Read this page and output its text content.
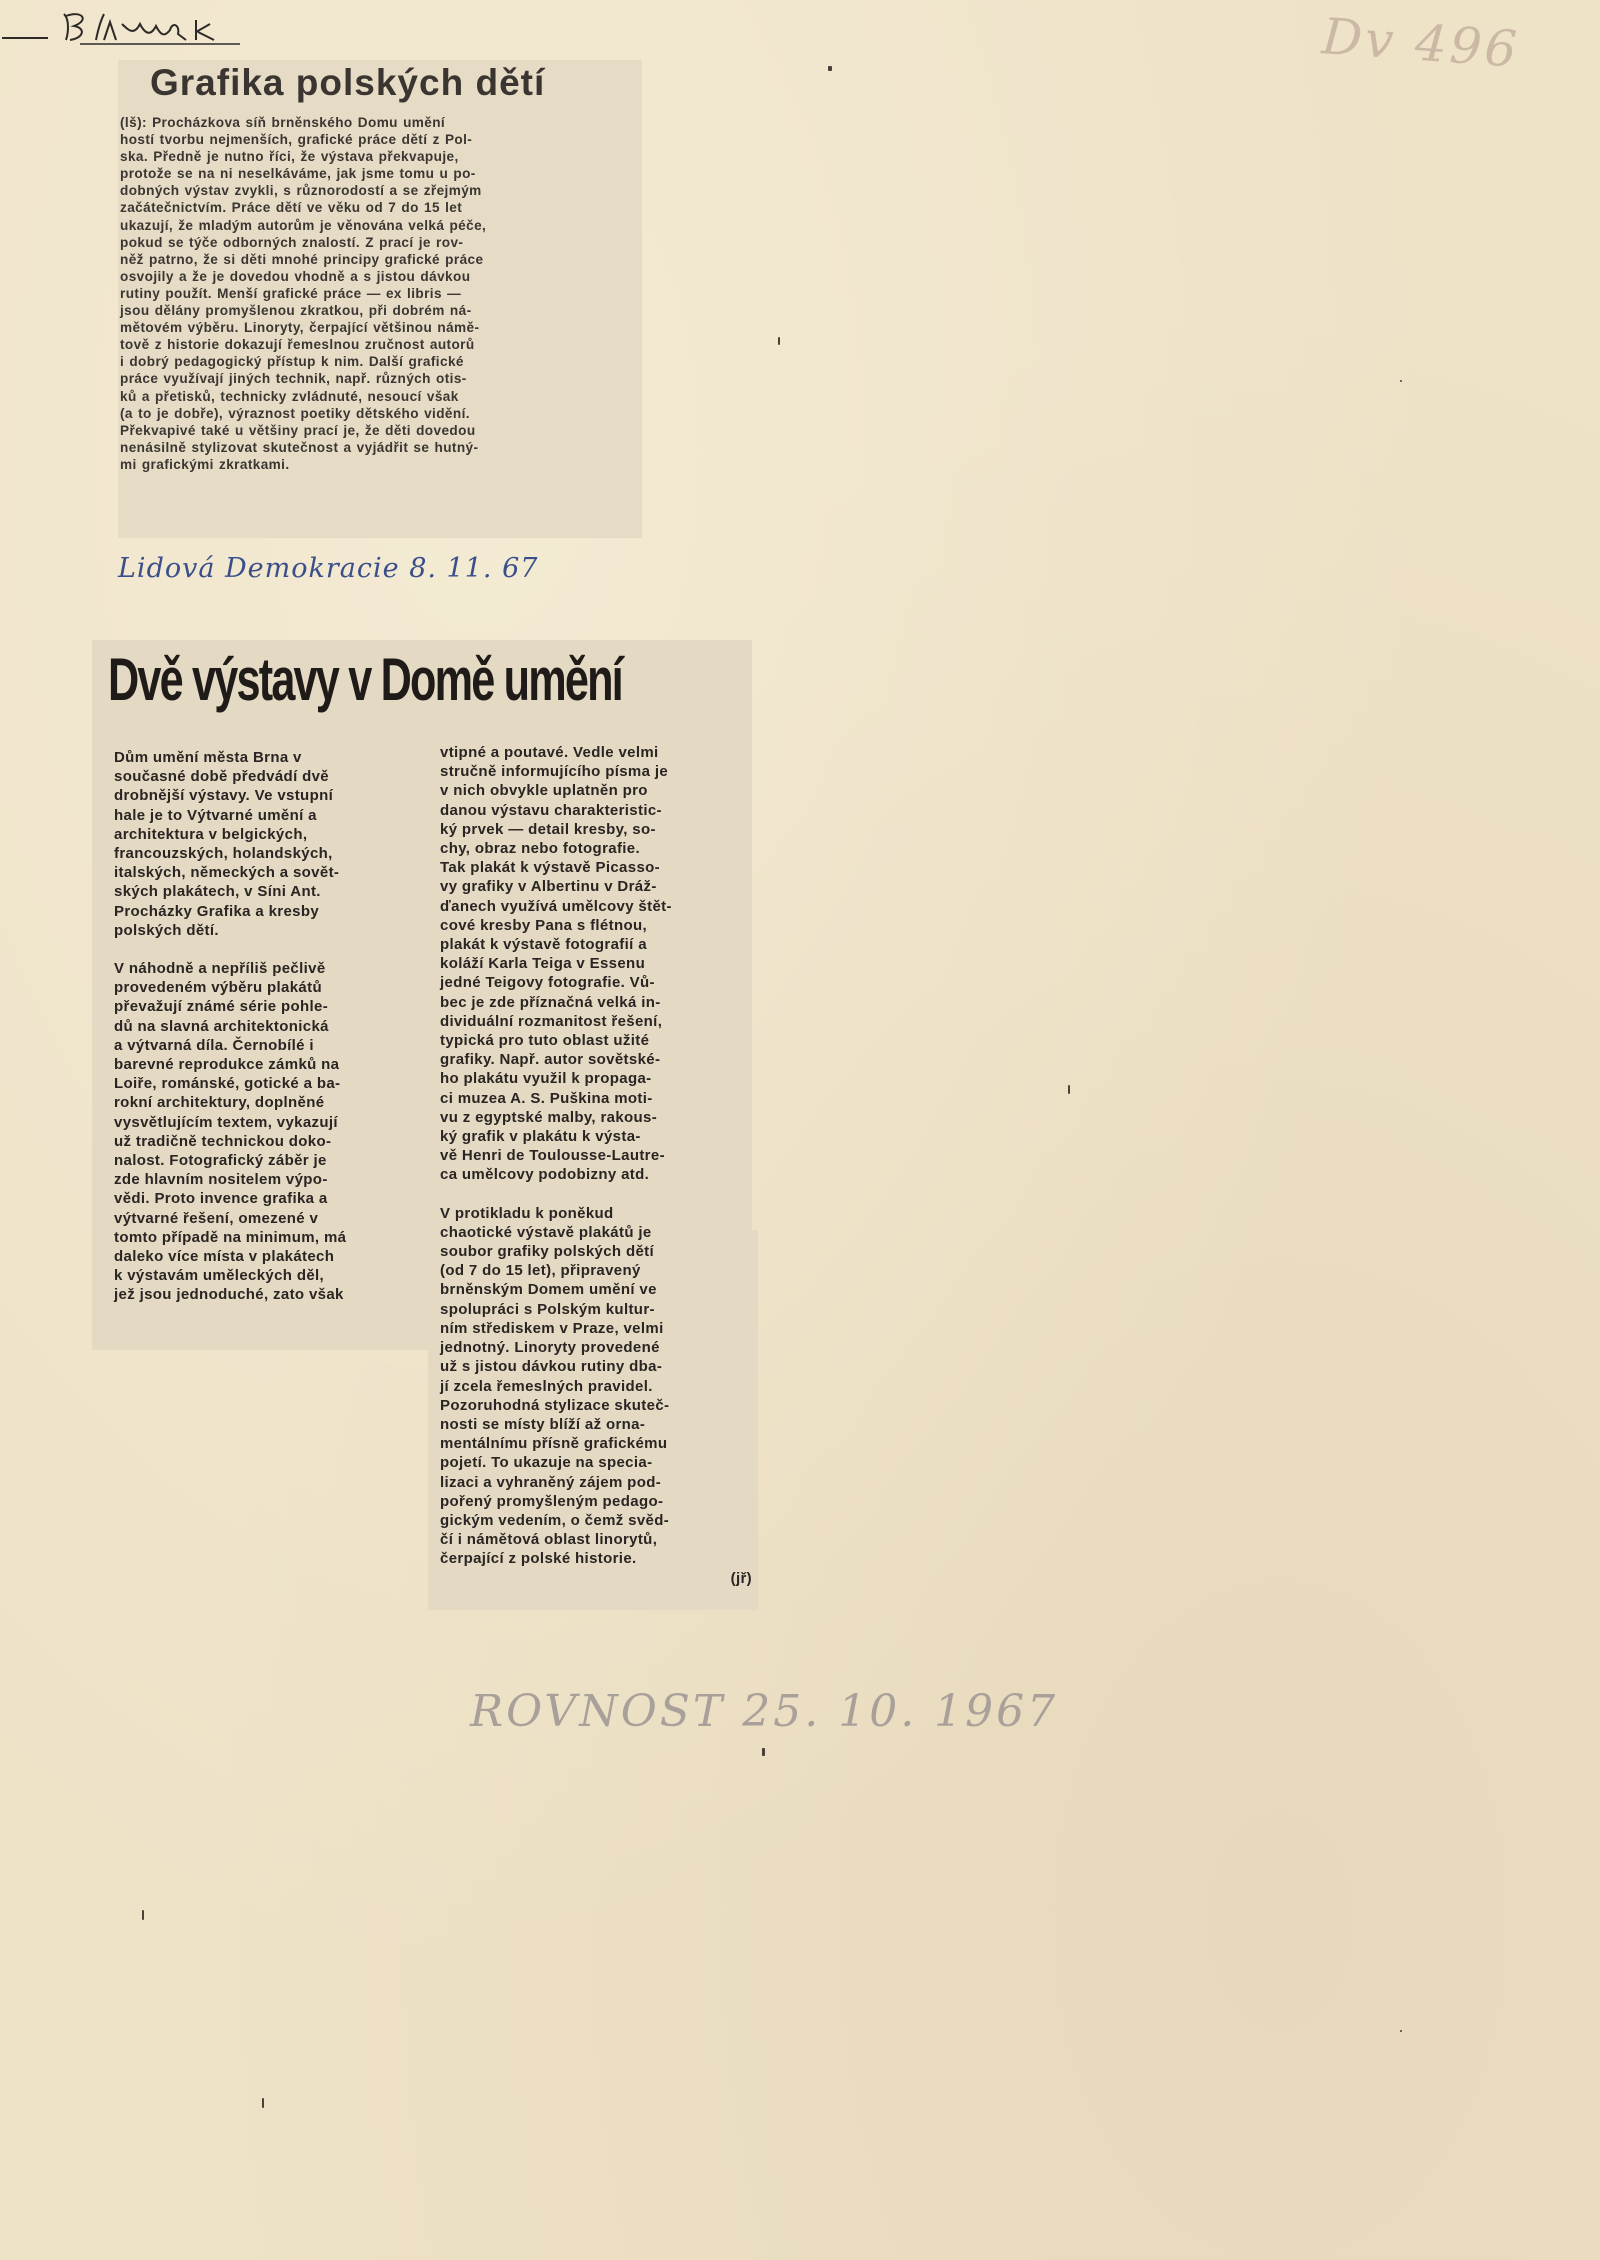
Dv 496
Grafika polských dětí
(lš): Procházkova síň brněnského Domu umění
hostí tvorbu nejmenších, grafické práce dětí z Pol-
ska. Předně je nutno říci, že výstava překvapuje,
protože se na ni neselkáváme, jak jsme tomu u po-
dobných výstav zvykli, s různorodostí a se zřejmým
začátečnictvím. Práce dětí ve věku od 7 do 15 let
ukazují, že mladým autorům je věnována velká péče,
pokud se týče odborných znalostí. Z prací je rov-
něž patrno, že si děti mnohé principy grafické práce
osvojily a že je dovedou vhodně a s jistou dávkou
rutiny použít. Menší grafické práce — ex libris —
jsou dělány promyšlenou zkratkou, při dobrém ná-
mětovém výběru. Linoryty, čerpající většinou námě-
tově z historie dokazují řemeslnou zručnost autorů
i dobrý pedagogický přístup k nim. Další grafické
práce využívají jiných technik, např. různých otis-
ků a přetisků, technicky zvládnuté, nesoucí však
(a to je dobře), výraznost poetiky dětského vidění.
Překvapivé také u většiny prací je, že děti dovedou
nenásilně stylizovat skutečnost a vyjádřit se hutný-
mi grafickými zkratkami.
Lidová Demokracie 8. 11. 67
Dvě výstavy v Domě umění
Dům umění města Brna v
současné době předvádí dvě
drobnější výstavy. Ve vstupní
hale je to Výtvarné umění a
architektura v belgických,
francouzských, holandských,
italských, německých a sovět-
ských plakátech, v Síni Ant.
Procházky Grafika a kresby
polských dětí.
V náhodně a nepříliš pečlivě
provedeném výběru plakátů
převažují známé série pohle-
dů na slavná architektonická
a výtvarná díla. Černobílé i
barevné reprodukce zámků na
Loiře, románské, gotické a ba-
rokní architektury, doplněné
vysvětlujícím textem, vykazují
už tradičně technickou doko-
nalost. Fotografický záběr je
zde hlavním nositelem výpo-
vědi. Proto invence grafika a
výtvarné řešení, omezené v
tomto případě na minimum, má
daleko více místa v plakátech
k výstavám uměleckých děl,
jež jsou jednoduché, zato však
vtipné a poutavé. Vedle velmi
stručně informujícího písma je
v nich obvykle uplatněn pro
danou výstavu charakteristic-
ký prvek — detail kresby, so-
chy, obraz nebo fotografie.
Tak plakát k výstavě Picasso-
vy grafiky v Albertinu v Dráž-
ďanech využívá umělcovy štět-
cové kresby Pana s flétnou,
plakát k výstavě fotografií a
koláží Karla Teiga v Essenu
jedné Teigovy fotografie. Vů-
bec je zde příznačná velká in-
dividuální rozmanitost řešení,
typická pro tuto oblast užité
grafiky. Např. autor sovětské-
ho plakátu využil k propaga-
ci muzea A. S. Puškina moti-
vu z egyptské malby, rakous-
ký grafik v plakátu k výsta-
vě Henri de Toulousse-Lautre-
ca umělcovy podobizny atd.
V protikladu k poněkud
chaotické výstavě plakátů je
soubor grafiky polských dětí
(od 7 do 15 let), připravený
brněnským Domem umění ve
spolupráci s Polským kultur-
ním střediskem v Praze, velmi
jednotný. Linoryty provedené
už s jistou dávkou rutiny dba-
jí zcela řemeslných pravidel.
Pozoruhodná stylizace skuteč-
nosti se místy blíží až orna-
mentálnímu přísně grafickému
pojetí. To ukazuje na specia-
lizaci a vyhraněný zájem pod-
pořený promyšleným pedago-
gickým vedením, o čemž svěd-
čí i námětová oblast linorytů,
čerpající z polské historie.
(jř)
ROVNOST 25. 10. 1967
